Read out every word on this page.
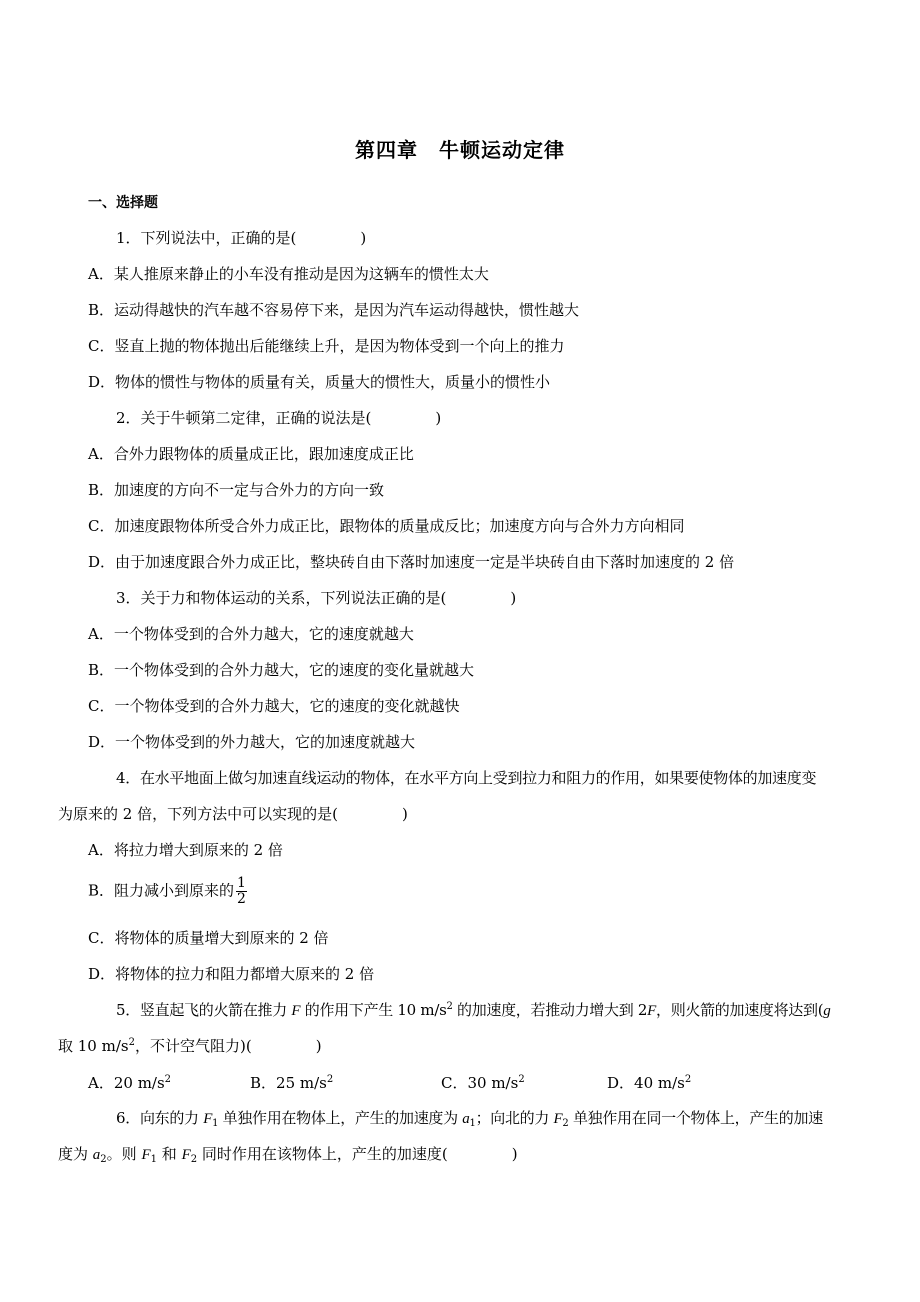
第四章　牛顿运动定律
一、选择题
1．下列说法中，正确的是(	)
A．某人推原来静止的小车没有推动是因为这辆车的惯性太大
B．运动得越快的汽车越不容易停下来，是因为汽车运动得越快，惯性越大
C．竖直上抛的物体抛出后能继续上升，是因为物体受到一个向上的推力
D．物体的惯性与物体的质量有关，质量大的惯性大，质量小的惯性小
2．关于牛顿第二定律，正确的说法是(	)
A．合外力跟物体的质量成正比，跟加速度成正比
B．加速度的方向不一定与合外力的方向一致
C．加速度跟物体所受合外力成正比，跟物体的质量成反比；加速度方向与合外力方向相同
D．由于加速度跟合外力成正比，整块砖自由下落时加速度一定是半块砖自由下落时加速度的 2 倍
3．关于力和物体运动的关系，下列说法正确的是(	)
A．一个物体受到的合外力越大，它的速度就越大
B．一个物体受到的合外力越大，它的速度的变化量就越大
C．一个物体受到的合外力越大，它的速度的变化就越快
D．一个物体受到的外力越大，它的加速度就越大
4．在水平地面上做匀加速直线运动的物体，在水平方向上受到拉力和阻力的作用，如果要使物体的加速度变
为原来的 2 倍，下列方法中可以实现的是(	)
A．将拉力增大到原来的 2 倍
B．阻力减小到原来的 $\frac{1}{2}$
C．将物体的质量增大到原来的 2 倍
D．将物体的拉力和阻力都增大原来的 2 倍
5．竖直起飞的火箭在推力 F 的作用下产生 10 $m/s^2$ 的加速度，若推动力增大到 2F，则火箭的加速度将达到(g
取 10 $m/s^2$，不计空气阻力)(	)
A．20 $m/s^2$	B．25 $m/s^2$	C．30 $m/s^2$	D．40 $m/s^2$
6．向东的力 $F_1$ 单独作用在物体上，产生的加速度为 $a_1$；向北的力 $F_2$ 单独作用在同一个物体上，产生的加速
度为 $a_2$。则 $F_1$ 和 $F_2$ 同时作用在该物体上，产生的加速度(	)
